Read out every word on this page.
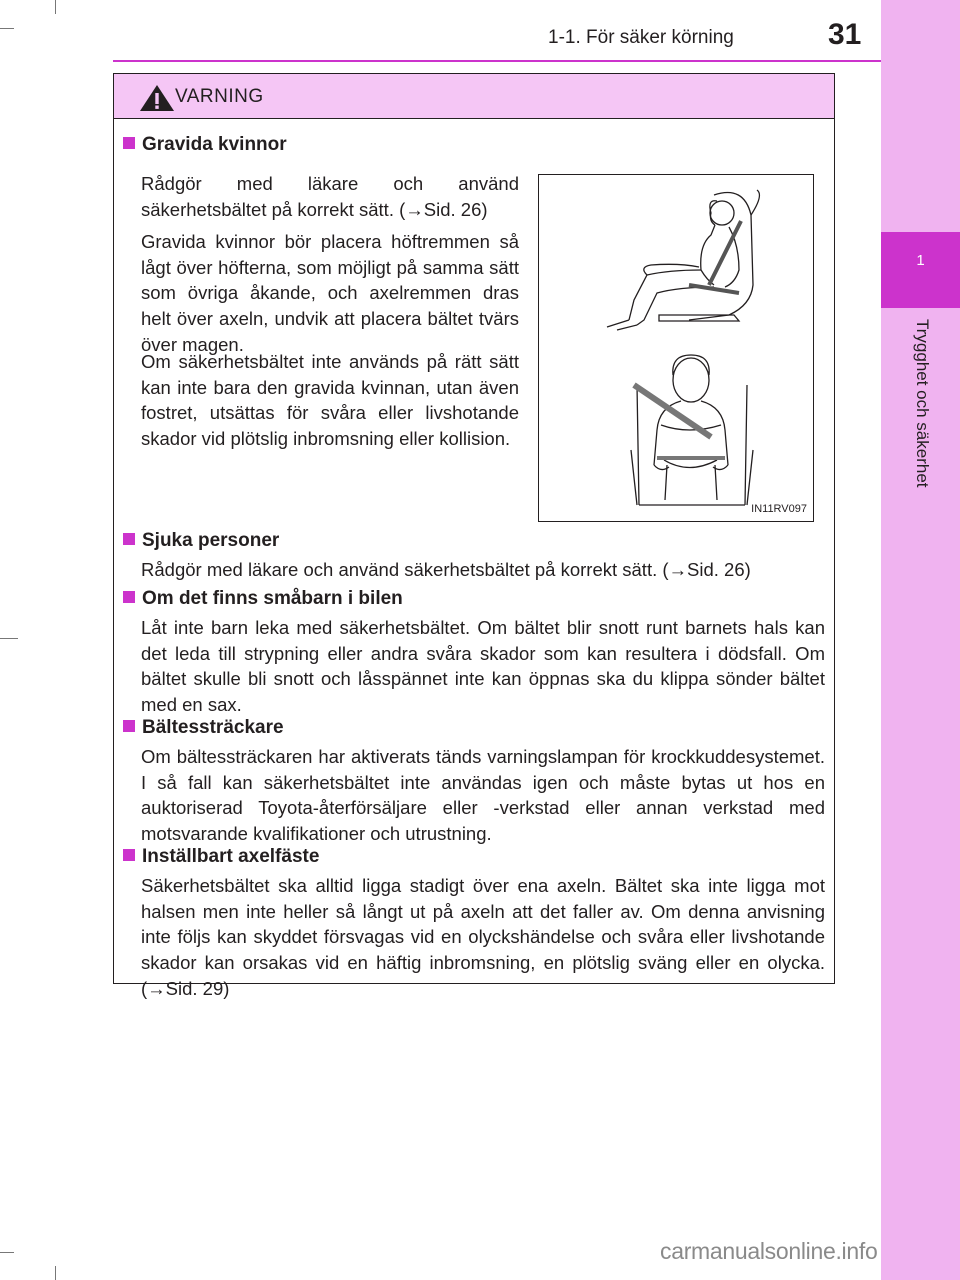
1
Trygghet och säkerhet
1-1. För säker körning	31
VARNING
Gravida kvinnor
Rådgör med läkare och använd säkerhetsbältet på korrekt sätt. (→Sid. 26)
Gravida kvinnor bör placera höftremmen så lågt över höfterna, som möjligt på samma sätt som övriga åkande, och axelremmen dras helt över axeln, undvik att placera bältet tvärs över magen.
Om säkerhetsbältet inte används på rätt sätt kan inte bara den gravida kvinnan, utan även fostret, utsättas för svåra eller livshotande skador vid plötslig inbromsning eller kollision.
IN11RV097
Sjuka personer
Rådgör med läkare och använd säkerhetsbältet på korrekt sätt. (→Sid. 26)
Om det finns småbarn i bilen
Låt inte barn leka med säkerhetsbältet. Om bältet blir snott runt barnets hals kan det leda till strypning eller andra svåra skador som kan resultera i dödsfall. Om bältet skulle bli snott och låsspännet inte kan öppnas ska du klippa sönder bältet med en sax.
Bältessträckare
Om bältessträckaren har aktiverats tänds varningslampan för krockkuddesystemet. I så fall kan säkerhetsbältet inte användas igen och måste bytas ut hos en auktoriserad Toyota-återförsäljare eller -verkstad eller annan verkstad med motsvarande kvalifikationer och utrustning.
Inställbart axelfäste
Säkerhetsbältet ska alltid ligga stadigt över ena axeln. Bältet ska inte ligga mot halsen men inte heller så långt ut på axeln att det faller av. Om denna anvisning inte följs kan skyddet försvagas vid en olyckshändelse och svåra eller livshotande skador kan orsakas vid en häftig inbromsning, en plötslig sväng eller en olycka. (→Sid. 29)
carmanualsonline.info
